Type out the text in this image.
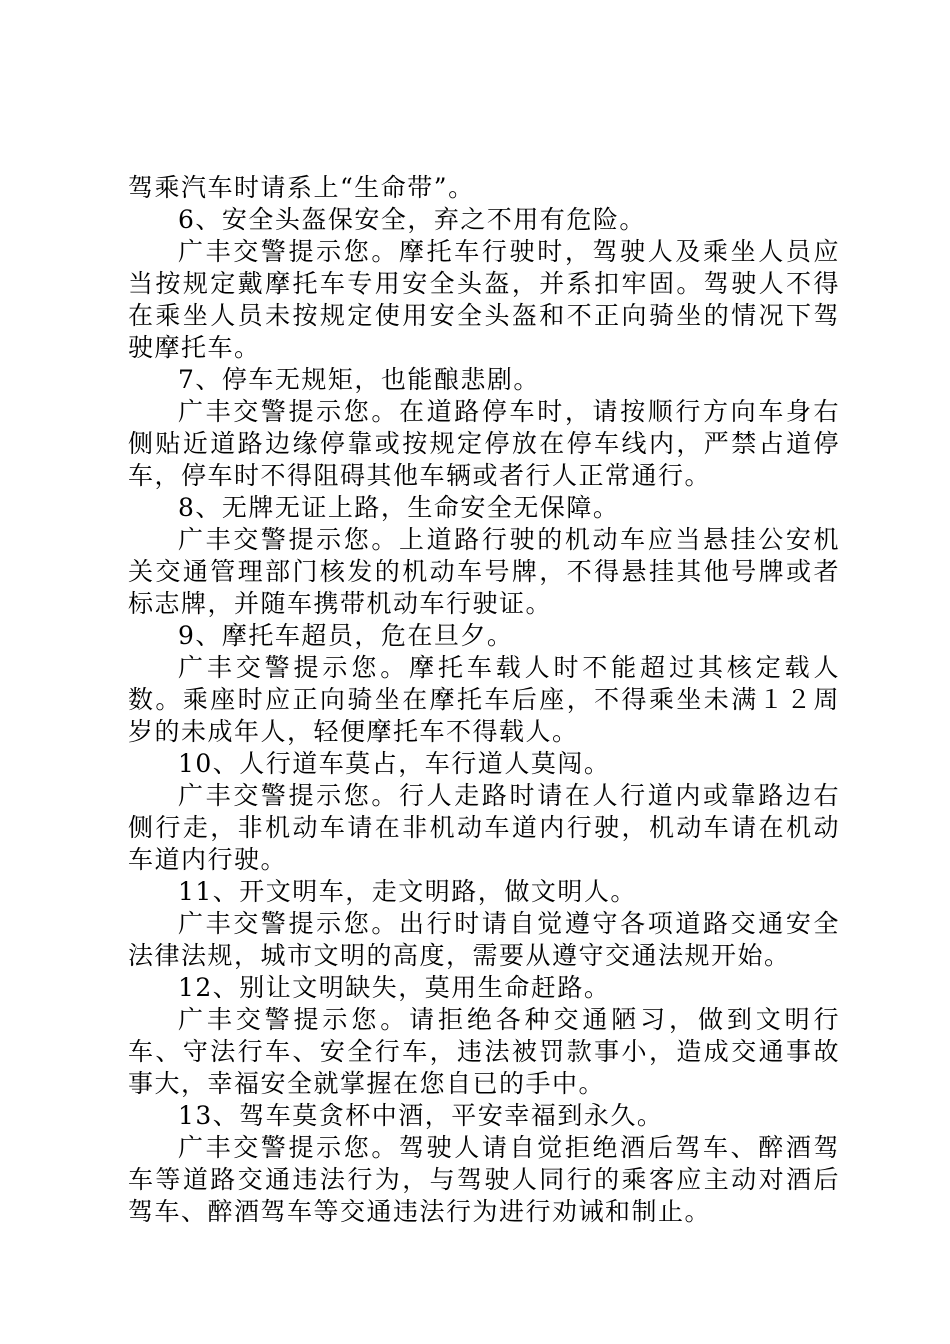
驾乘汽车时请系上“生命带”。

6、安全头盔保安全，弃之不用有危险。

广丰交警提示您。摩托车行驶时，驾驶人及乘坐人员应当按规定戴摩托车专用安全头盔，并系扣牢固。驾驶人不得在乘坐人员未按规定使用安全头盔和不正向骑坐的情况下驾驶摩托车。

7、停车无规矩，也能酿悲剧。

广丰交警提示您。在道路停车时，请按顺行方向车身右侧贴近道路边缘停靠或按规定停放在停车线内，严禁占道停车，停车时不得阻碍其他车辆或者行人正常通行。

8、无牌无证上路，生命安全无保障。

广丰交警提示您。上道路行驶的机动车应当悬挂公安机关交通管理部门核发的机动车号牌，不得悬挂其他号牌或者标志牌，并随车携带机动车行驶证。

9、摩托车超员，危在旦夕。

广丰交警提示您。摩托车载人时不能超过其核定载人数。乘座时应正向骑坐在摩托车后座，不得乘坐未满１２周岁的未成年人，轻便摩托车不得载人。

10、人行道车莫占，车行道人莫闯。

广丰交警提示您。行人走路时请在人行道内或靠路边右侧行走，非机动车请在非机动车道内行驶，机动车请在机动车道内行驶。

11、开文明车，走文明路，做文明人。

广丰交警提示您。出行时请自觉遵守各项道路交通安全法律法规，城市文明的高度，需要从遵守交通法规开始。

12、别让文明缺失，莫用生命赶路。

广丰交警提示您。请拒绝各种交通陋习，做到文明行车、守法行车、安全行车，违法被罚款事小，造成交通事故事大，幸福安全就掌握在您自已的手中。

13、驾车莫贪杯中酒，平安幸福到永久。

广丰交警提示您。驾驶人请自觉拒绝酒后驾车、醉酒驾车等道路交通违法行为，与驾驶人同行的乘客应主动对酒后驾车、醉酒驾车等交通违法行为进行劝诫和制止。
